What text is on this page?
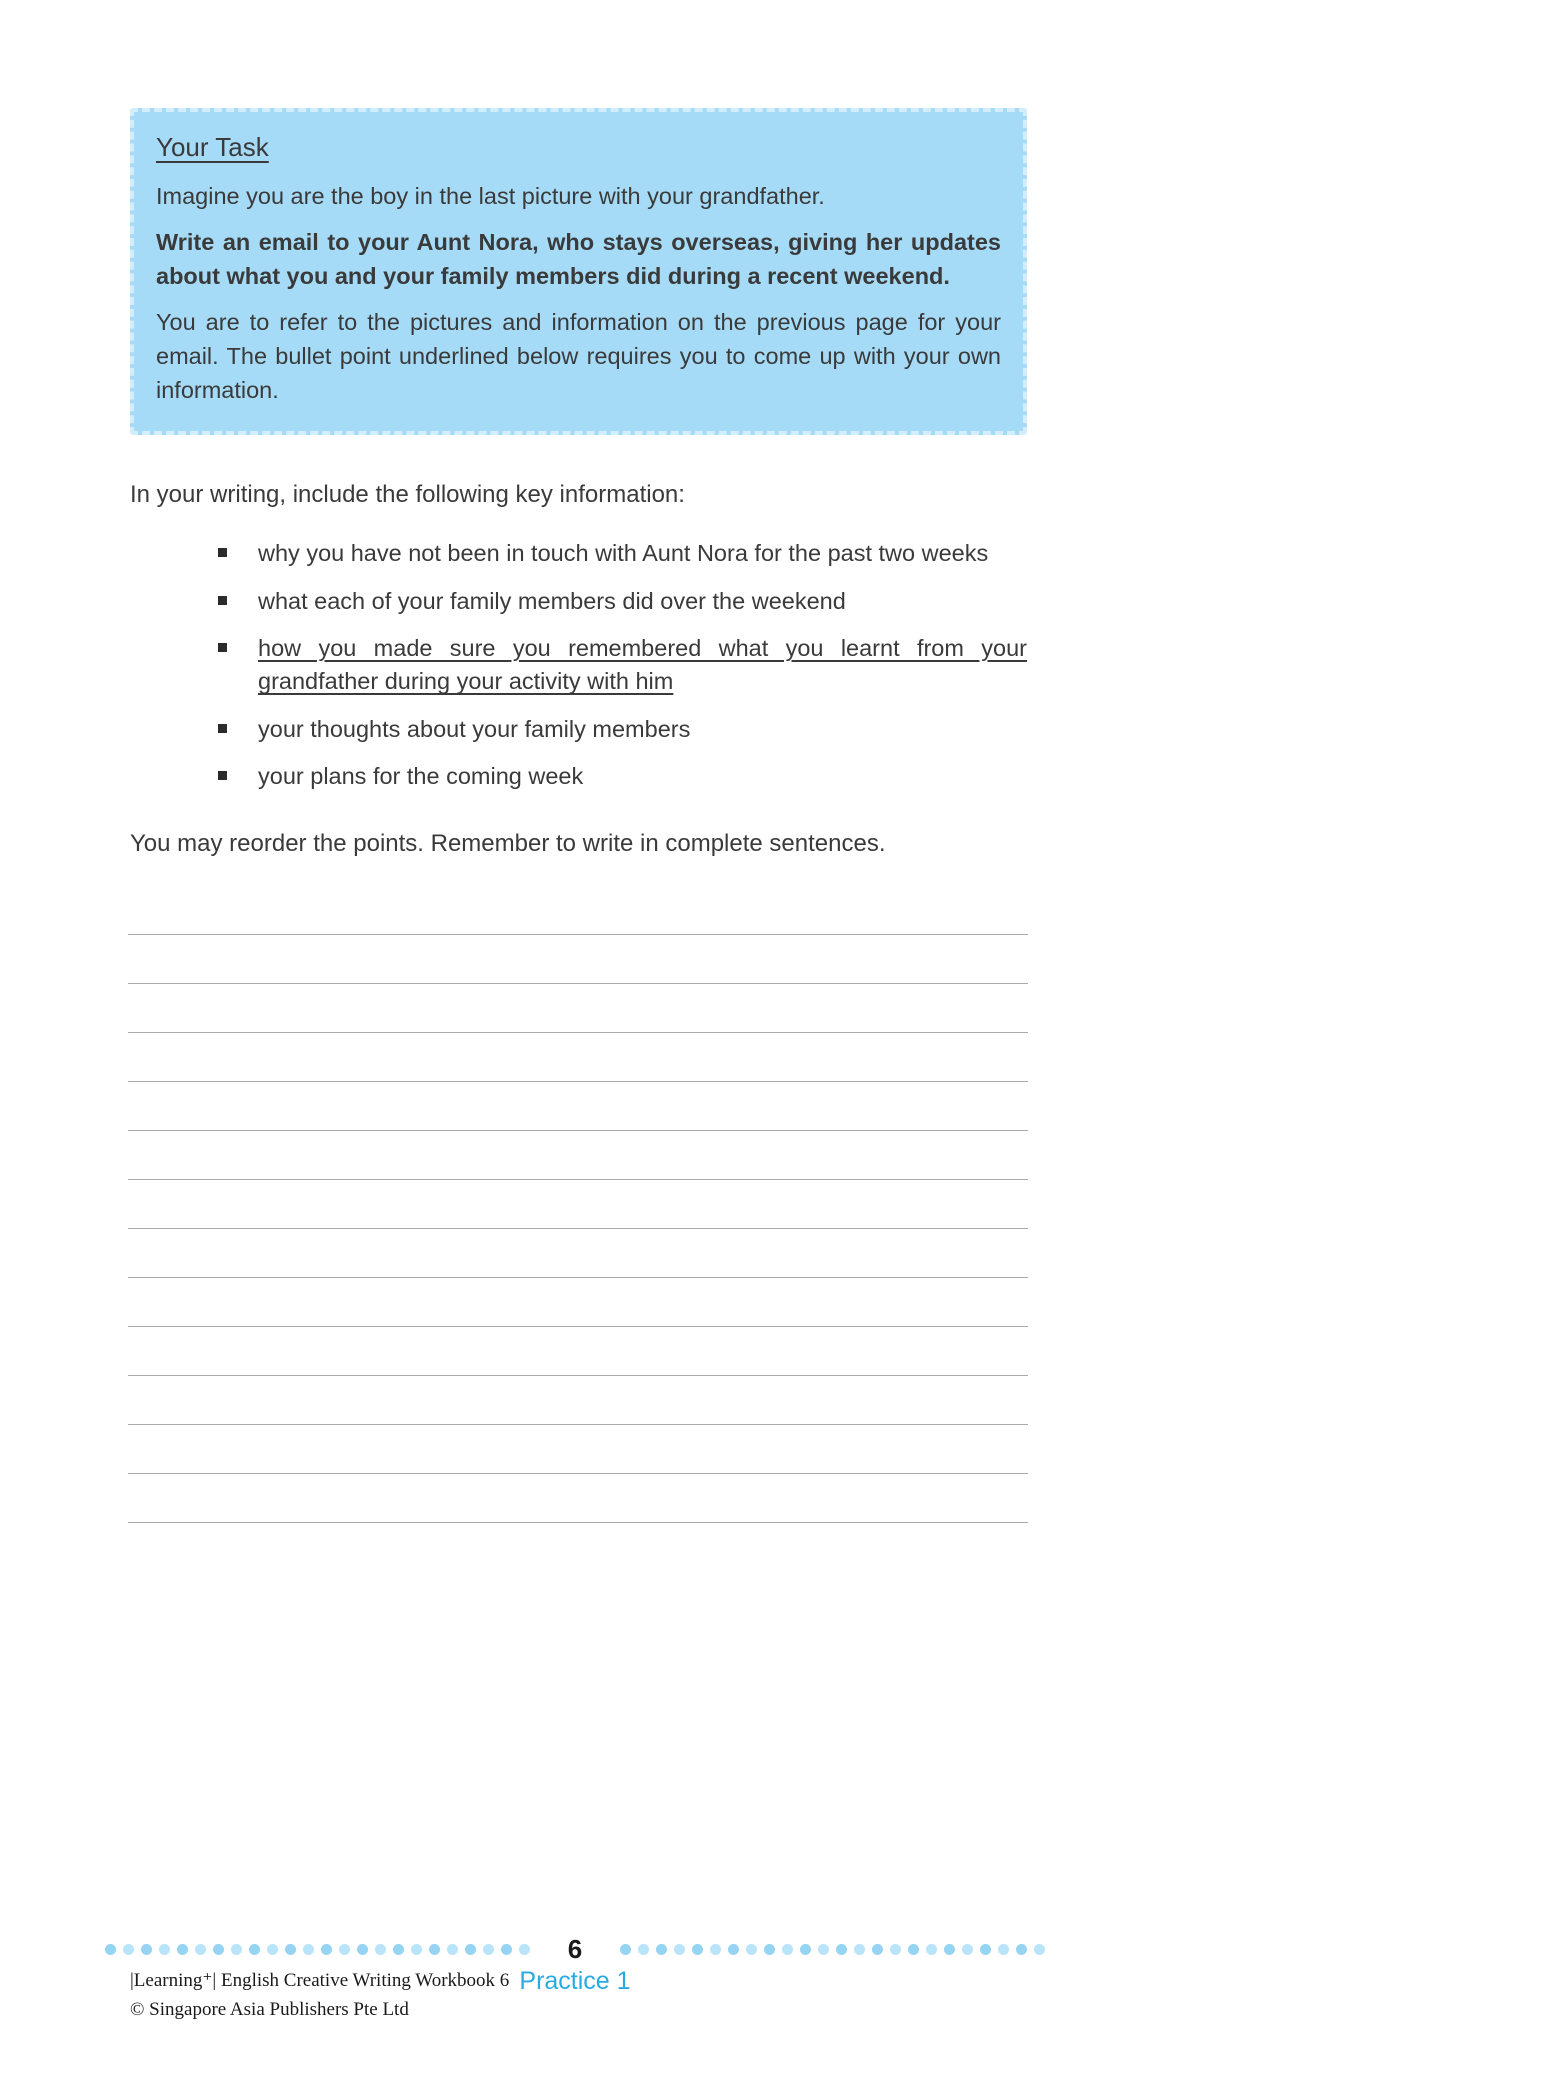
Your Task

Imagine you are the boy in the last picture with your grandfather.

Write an email to your Aunt Nora, who stays overseas, giving her updates about what you and your family members did during a recent weekend.

You are to refer to the pictures and information on the previous page for your email. The bullet point underlined below requires you to come up with your own information.

In your writing, include the following key information:

why you have not been in touch with Aunt Nora for the past two weeks
what each of your family members did over the weekend
how you made sure you remembered what you learnt from your grandfather during your activity with him
your thoughts about your family members
your plans for the coming week

You may reorder the points. Remember to write in complete sentences.

6
|Learning⁺| English Creative Writing Workbook 6
© Singapore Asia Publishers Pte Ltd
Practice 1
